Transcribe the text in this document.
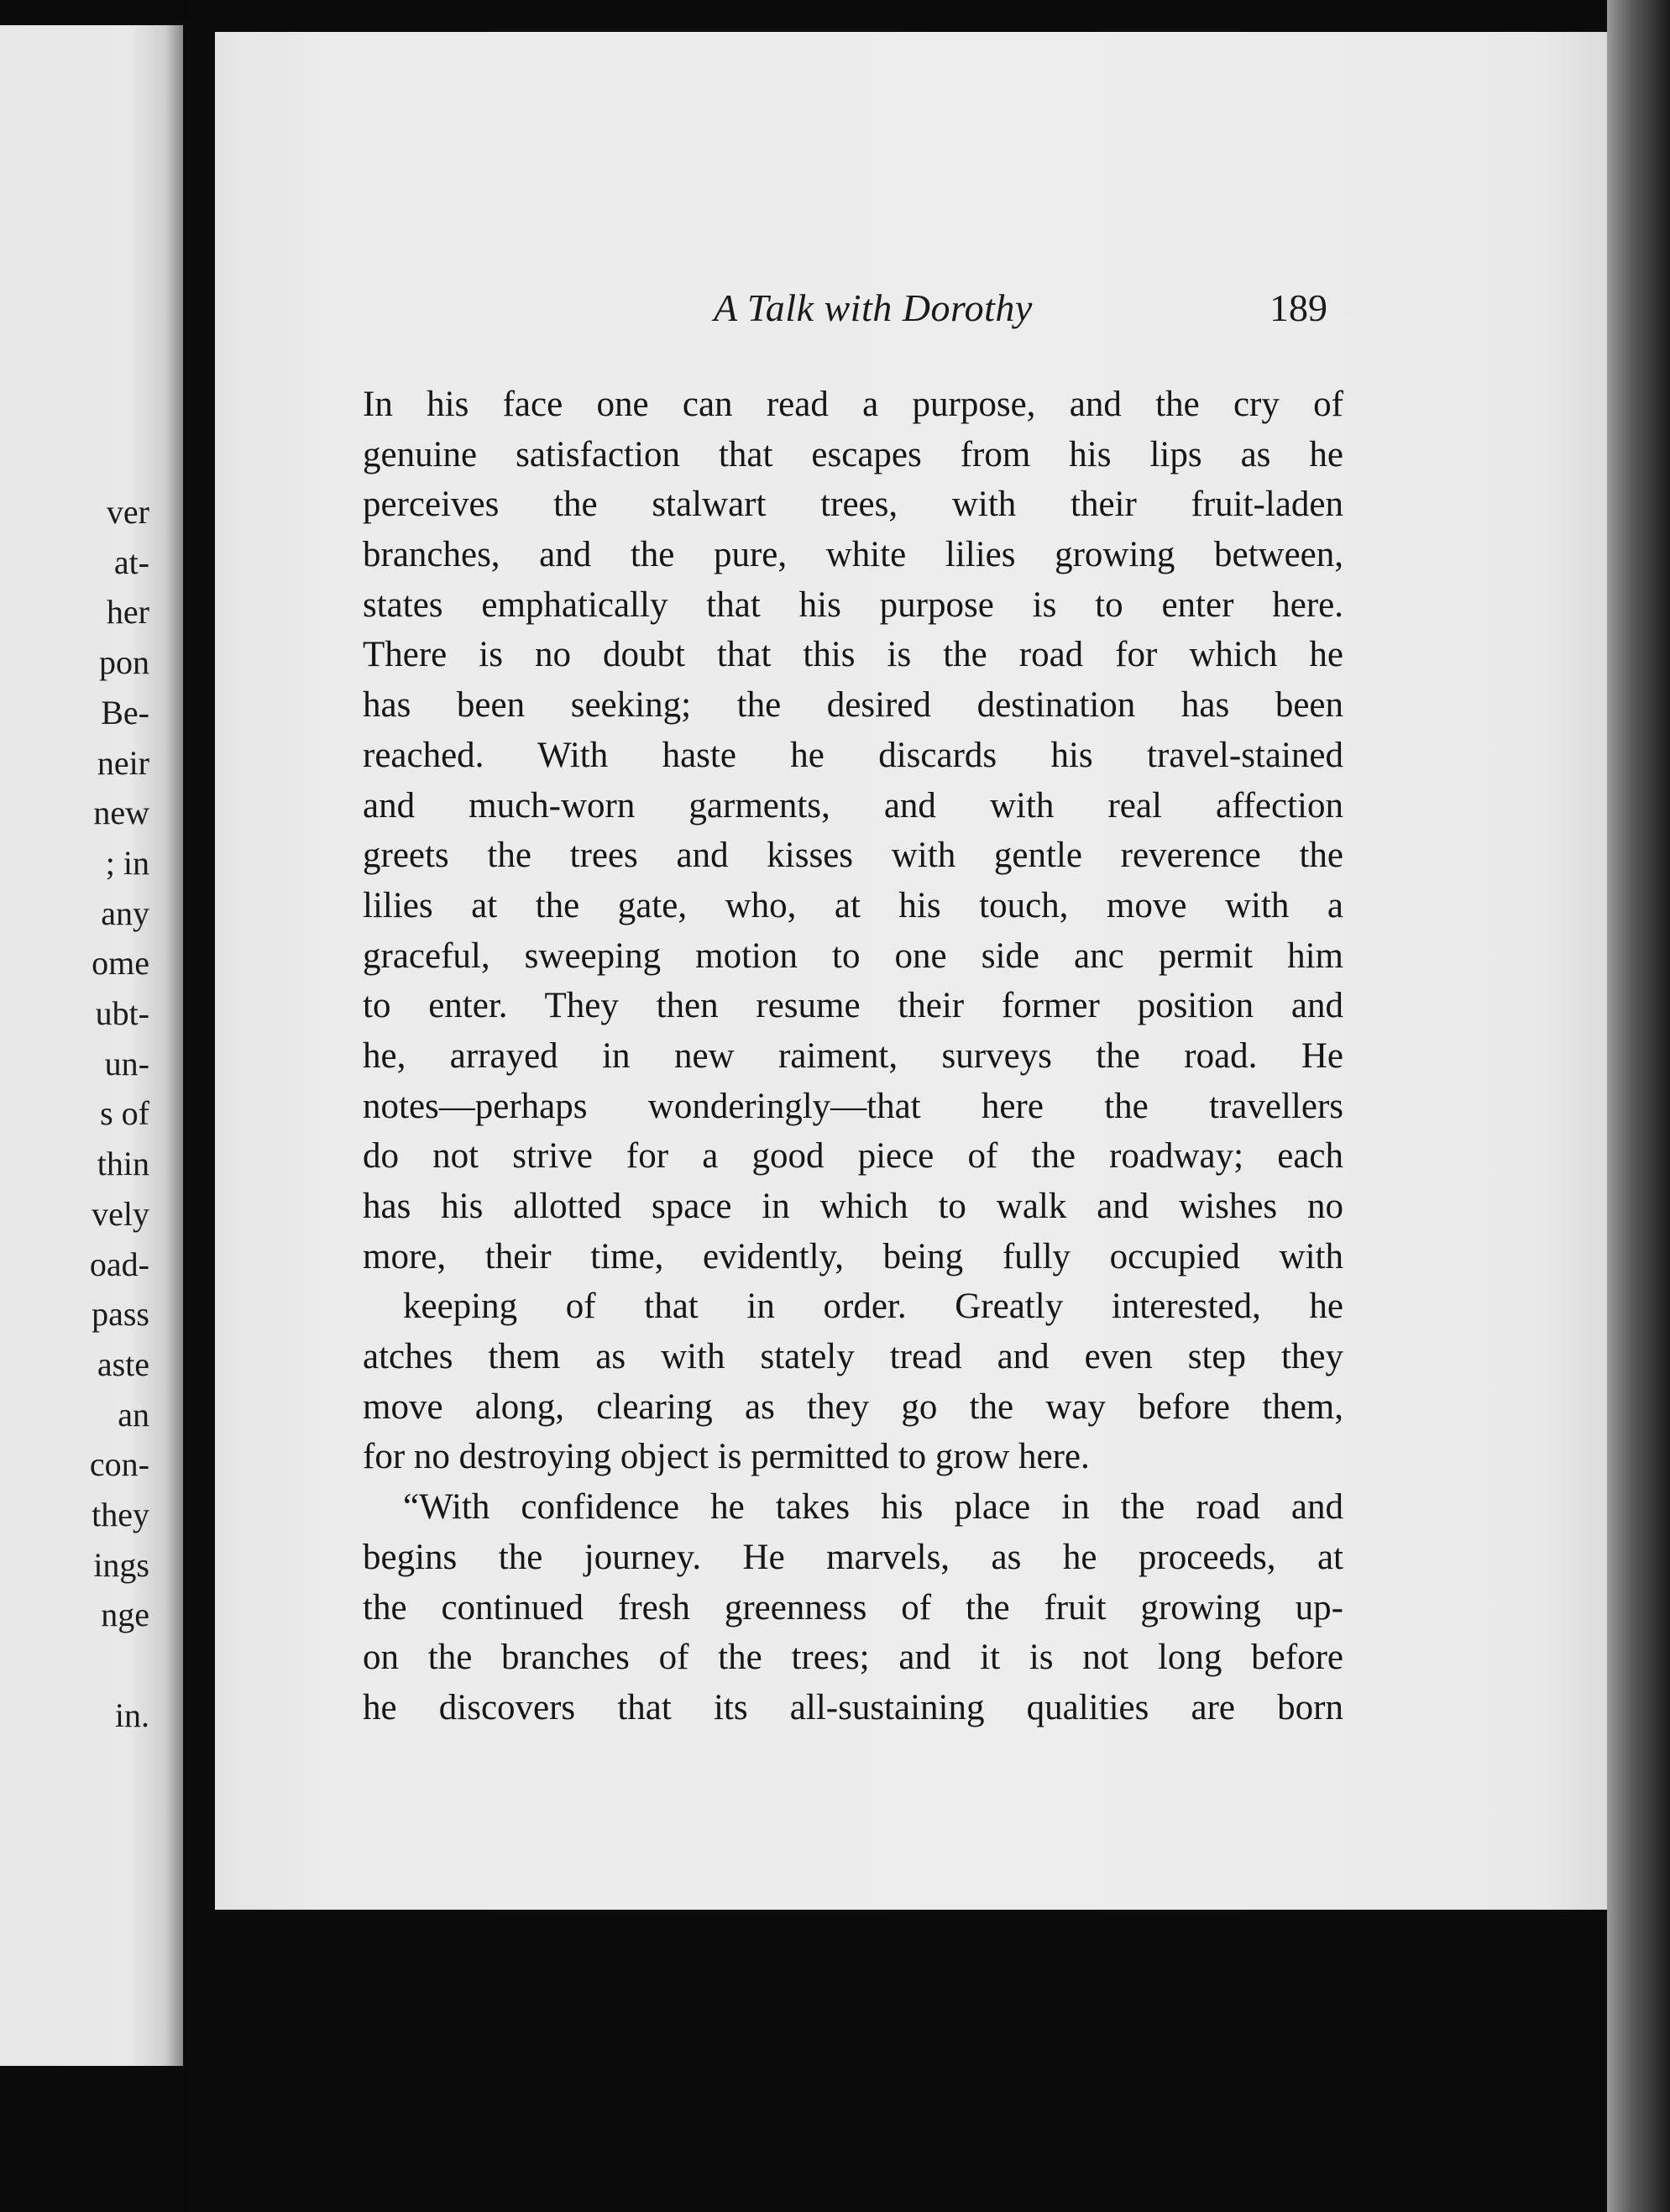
ver
at-
her
pon
Be-
neir
new
; in
any
ome
ubt-
un-
s of
thin
vely
oad-
pass
aste
an
con-
they
ings
nge
in.
A Talk with Dorothy	189
In his face one can read a purpose, and the cry of
genuine satisfaction that escapes from his lips as he
perceives the stalwart trees, with their fruit-laden
branches, and the pure, white lilies growing between,
states emphatically that his purpose is to enter here.
There is no doubt that this is the road for which he
has been seeking; the desired destination has been
reached. With haste he discards his travel-stained
and much-worn garments, and with real affection
greets the trees and kisses with gentle reverence the
lilies at the gate, who, at his touch, move with a
graceful, sweeping motion to one side anc permit him
to enter. They then resume their former position and
he, arrayed in new raiment, surveys the road. He
notes—perhaps wonderingly—that here the travellers
do not strive for a good piece of the roadway; each
has his allotted space in which to walk and wishes no
more, their time, evidently, being fully occupied with
keeping of that in order. Greatly interested, he
atches them as with stately tread and even step they
move along, clearing as they go the way before them,
for no destroying object is permitted to grow here.
“With confidence he takes his place in the road and
begins the journey. He marvels, as he proceeds, at
the continued fresh greenness of the fruit growing up-
on the branches of the trees; and it is not long before
he discovers that its all-sustaining qualities are born
